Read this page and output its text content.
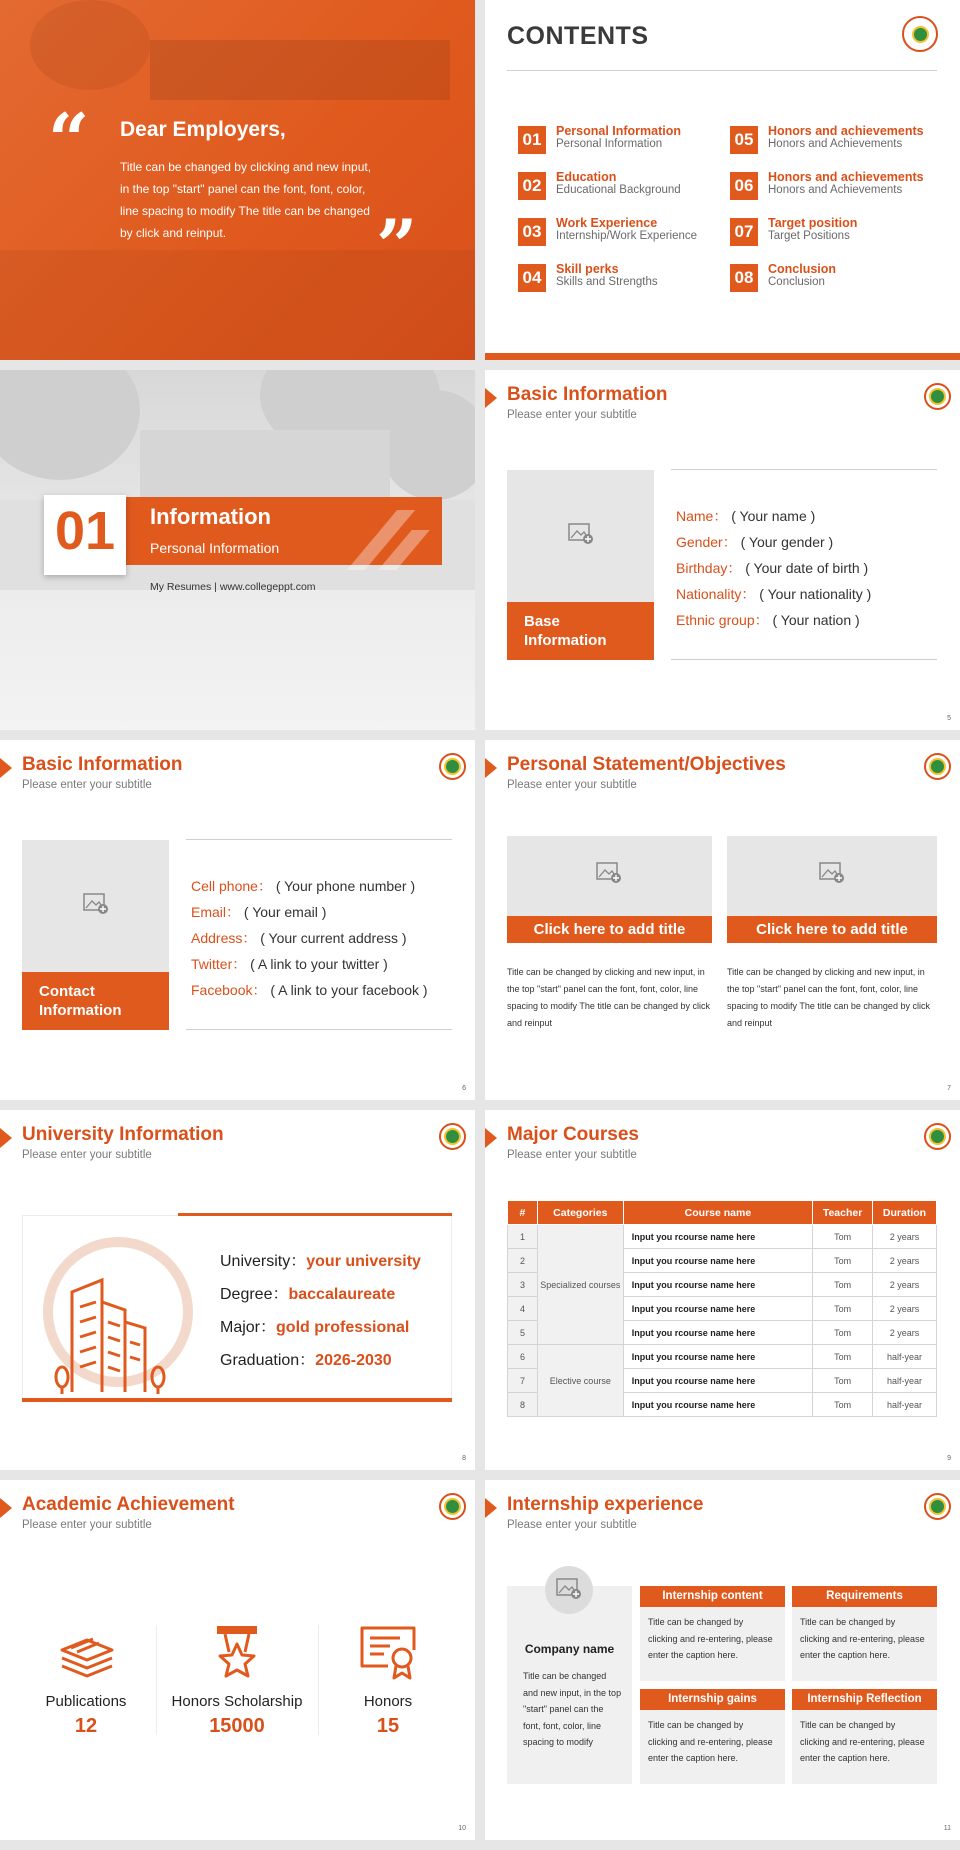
“ Dear Employers,
Title can be changed by clicking and new input, in the top "start" panel can the font, font, color, line spacing to modify The title can be changed by click and reinput.	”
CONTENTS
01	Personal Information
Personal Information
02	Education
Educational Background
03	Work Experience
Internship/Work Experience
04	Skill perks
Skills and Strengths
05	Honors and achievements
Honors and Achievements
06	Honors and achievements
Honors and Achievements
07	Target position
Target Positions
08	Conclusion
Conclusion
01	Information
Personal Information
My Resumes | www.collegeppt.com
Basic Information
Please enter your subtitle
Base Information
Name： ( Your name )
Gender： ( Your gender )
Birthday： ( Your date of birth )
Nationality： ( Your nationality )
Ethnic group： ( Your nation )
5
Basic Information
Please enter your subtitle
Contact Information
Cell phone： ( Your phone number )
Email： ( Your email )
Address： ( Your current address )
Twitter： ( A link to your twitter )
Facebook： ( A link to your facebook )
6
Personal Statement/Objectives
Please enter your subtitle
Click here to add title
Title can be changed by clicking and new input, in the top "start" panel can the font, font, color, line spacing to modify The title can be changed by click and reinput
Click here to add title
Title can be changed by clicking and new input, in the top "start" panel can the font, font, color, line spacing to modify The title can be changed by click and reinput
7
University Information
Please enter your subtitle
University：your university
Degree：baccalaureate
Major：gold professional
Graduation：2026-2030
8
Major Courses
Please enter your subtitle
#	Categories	Course name	Teacher	Duration
1	Specialized courses	Input you rcourse name here	Tom	2 years
2		Input you rcourse name here	Tom	2 years
3		Input you rcourse name here	Tom	2 years
4		Input you rcourse name here	Tom	2 years
5		Input you rcourse name here	Tom	2 years
6	Elective course	Input you rcourse name here	Tom	half-year
7		Input you rcourse name here	Tom	half-year
8		Input you rcourse name here	Tom	half-year
9
Academic Achievement
Please enter your subtitle
Publications
12
Honors Scholarship
15000
Honors
15
10
Internship experience
Please enter your subtitle
Company name
Title can be changed and new input, in the top "start" panel can the font, font, color, line spacing to modify
Internship content
Title can be changed by clicking and re-entering, please enter the caption here.
Requirements
Title can be changed by clicking and re-entering, please enter the caption here.
Internship gains
Title can be changed by clicking and re-entering, please enter the caption here.
Internship Reflection
Title can be changed by clicking and re-entering, please enter the caption here.
11
